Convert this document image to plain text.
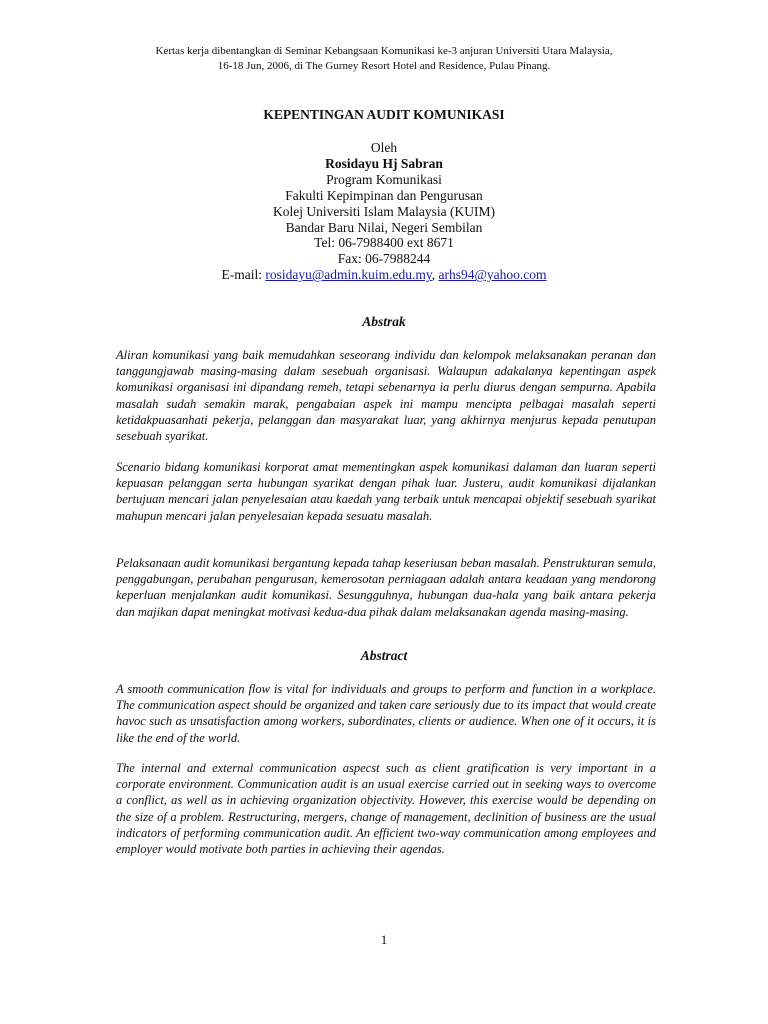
Kertas kerja dibentangkan di Seminar Kebangsaan Komunikasi ke-3 anjuran Universiti Utara Malaysia,
16-18 Jun, 2006, di The Gurney Resort Hotel and Residence, Pulau Pinang.
KEPENTINGAN AUDIT KOMUNIKASI
Oleh
Rosidayu Hj Sabran
Program Komunikasi
Fakulti Kepimpinan dan Pengurusan
Kolej Universiti Islam Malaysia (KUIM)
Bandar Baru Nilai, Negeri Sembilan
Tel: 06-7988400 ext 8671
Fax: 06-7988244
E-mail: rosidayu@admin.kuim.edu.my, arhs94@yahoo.com
Abstrak

Aliran komunikasi yang baik memudahkan seseorang individu dan kelompok melaksanakan peranan dan tanggungjawab masing-masing dalam sesebuah organisasi. Walaupun adakalanya kepentingan aspek komunikasi organisasi ini dipandang remeh, tetapi sebenarnya ia perlu diurus dengan sempurna. Apabila masalah sudah semakin marak, pengabaian aspek ini mampu mencipta pelbagai masalah seperti ketidakpuasanhati pekerja, pelanggan dan masyarakat luar, yang akhirnya menjurus kepada penutupan sesebuah syarikat.

Scenario bidang komunikasi korporat amat mementingkan aspek komunikasi dalaman dan luaran seperti kepuasan pelanggan serta hubungan syarikat dengan pihak luar. Justeru, audit komunikasi dijalankan bertujuan mencari jalan penyelesaian atau kaedah yang terbaik untuk mencapai objektif sesebuah syarikat mahupun mencari jalan penyelesaian kepada sesuatu masalah.

Pelaksanaan audit komunikasi bergantung kepada tahap keseriusan beban masalah. Penstrukturan semula, penggabungan, perubahan pengurusan, kemerosotan perniagaan adalah antara keadaan yang mendorong keperluan menjalankan audit komunikasi. Sesungguhnya, hubungan dua-hala yang baik antara pekerja dan majikan dapat meningkat motivasi kedua-dua pihak dalam melaksanakan agenda masing-masing.

Abstract

A smooth communication flow is vital for individuals and groups to perform and function in a workplace. The communication aspect should be organized and taken care seriously due to its impact that would create havoc such as unsatisfaction among workers, subordinates, clients or audience. When one of it occurs, it is like the end of the world.

The internal and external communication aspecst such as client gratification is very important in a corporate environment. Communication audit is an usual exercise carried out in seeking ways to overcome a conflict, as well as in achieving organization objectivity. However, this exercise would be depending on the size of a problem. Restructuring, mergers, change of management, declinition of business are the usual indicators of performing communication audit. An efficient two-way communication among employees and employer would motivate both parties in achieving their agendas.

1
